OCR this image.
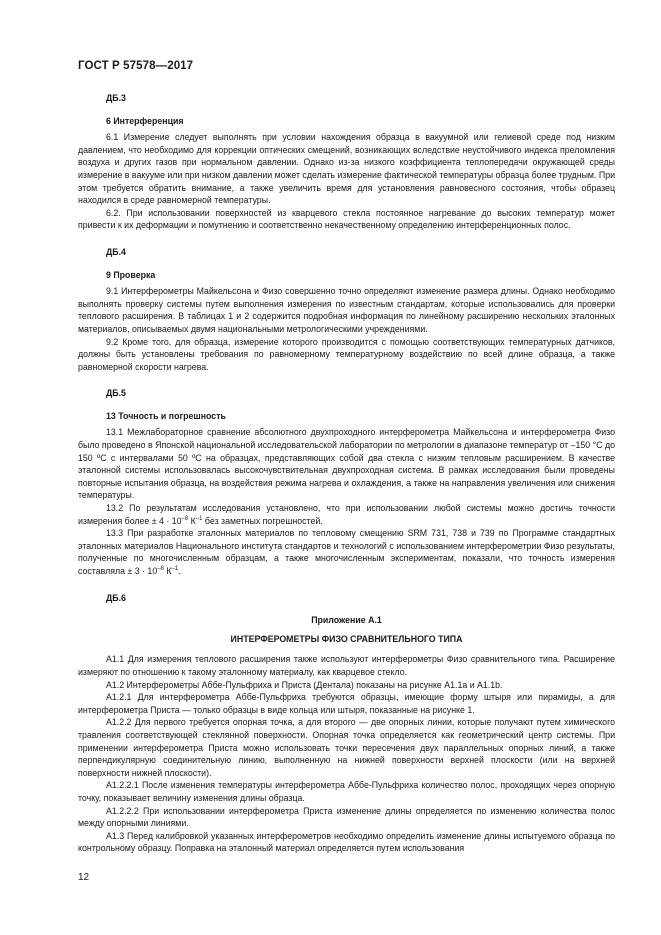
ГОСТ Р 57578—2017
ДБ.3
6 Интерференция

6.1 Измерение следует выполнять при условии нахождения образца в вакуумной или гелиевой среде под низким давлением, что необходимо для коррекции оптических смещений, возникающих вследствие неустойчивого индекса преломления воздуха и других газов при нормальном давлении. Однако из-за низкого коэффициента теплопередачи окружающей среды измерение в вакууме или при низком давлении может сделать измерение фактической температуры образца более трудным. При этом требуется обратить внимание, а также увеличить время для установления равновесного состояния, чтобы образец находился в среде равномерной температуры.

6.2. При использовании поверхностей из кварцевого стекла постоянное нагревание до высоких температур может привести к их деформации и помутнению и соответственно некачественному определению интерференционных полос.

ДБ.4
9 Проверка

9.1 Интерферометры Майкельсона и Физо совершенно точно определяют изменение размера длины. Однако необходимо выполнять проверку системы путем выполнения измерения по известным стандартам, которые использовались для проверки теплового расширения. В таблицах 1 и 2 содержится подробная информация по линейному расширению нескольких эталонных материалов, описываемых двумя национальными метрологическими учреждениями.

9.2 Кроме того, для образца, измерение которого производится с помощью соответствующих температурных датчиков, должны быть установлены требования по равномерному температурному воздействию по всей длине образца, а также равномерной скорости нагрева.

ДБ.5
13 Точность и погрешность

13.1 Межлабораторное сравнение абсолютного двухпроходного интерферометра Майкельсона и интерферометра Физо было проведено в Японской национальной исследовательской лаборатории по метрологии в диапазоне температур от –150 °C до 150 ºC с интервалами 50 ºC на образцах, представляющих собой два стекла с низким тепловым расширением. В качестве эталонной системы использовалась высокочувствительная двухпроходная система. В рамках исследования были проведены повторные испытания образца, на воздействия режима нагрева и охлаждения, а также на направления увеличения или снижения температуры.

13.2 По результатам исследования установлено, что при использовании любой системы можно достичь точности измерения более ± $4 \cdot 10^{-8}$ $К^{-1}$ без заметных погрешностей.

13.3 При разработке эталонных материалов по тепловому смещению SRM 731, 738 и 739 по Программе стандартных эталонных материалов Национального института стандартов и технологий с использованием интерферометрии Физо результаты, полученные по многочисленным образцам, а также многочисленным экспериментам, показали, что точность измерения составляла ± $3 \cdot 10^{-8}$ $К^{-1}$.

ДБ.6

Приложение А.1

ИНТЕРФЕРОМЕТРЫ ФИЗО СРАВНИТЕЛЬНОГО ТИПА

А1.1 Для измерения теплового расширения также используют интерферометры Физо сравнительного типа. Расширение измеряют по отношению к такому эталонному материалу, как кварцевое стекло.

А1.2 Интерферометры Аббе-Пульфриха и Приста (Дентала) показаны на рисунке А1.1а и А1.1b.

А1.2.1 Для интерферометра Аббе-Пульфриха требуются образцы, имеющие форму штыря или пирамиды, а для интерферометра Приста — только образцы в виде кольца или штыря, показанные на рисунке 1.

А1.2.2 Для первого требуется опорная точка, а для второго — две опорных линии, которые получают путем химического травления соответствующей стеклянной поверхности. Опорная точка определяется как геометрический центр системы. При применении интерферометра Приста можно использовать точки пересечения двух параллельных опорных линий, а также перпендикулярную соединительную линию, выполненную на нижней поверхности верхней плоскости (или на верхней поверхности нижней плоскости).

А1.2.2.1 После изменения температуры интерферометра Аббе-Пульфриха количество полос, проходящих через опорную точку, показывает величину изменения длины образца.

А1.2.2.2 При использовании интерферометра Приста изменение длины определяется по изменению количества полос между опорными линиями.

А1.3 Перед калибровкой указанных интерферометров необходимо определить изменение длины испытуемого образца по контрольному образцу. Поправка на эталонный материал определяется путем использования

12
